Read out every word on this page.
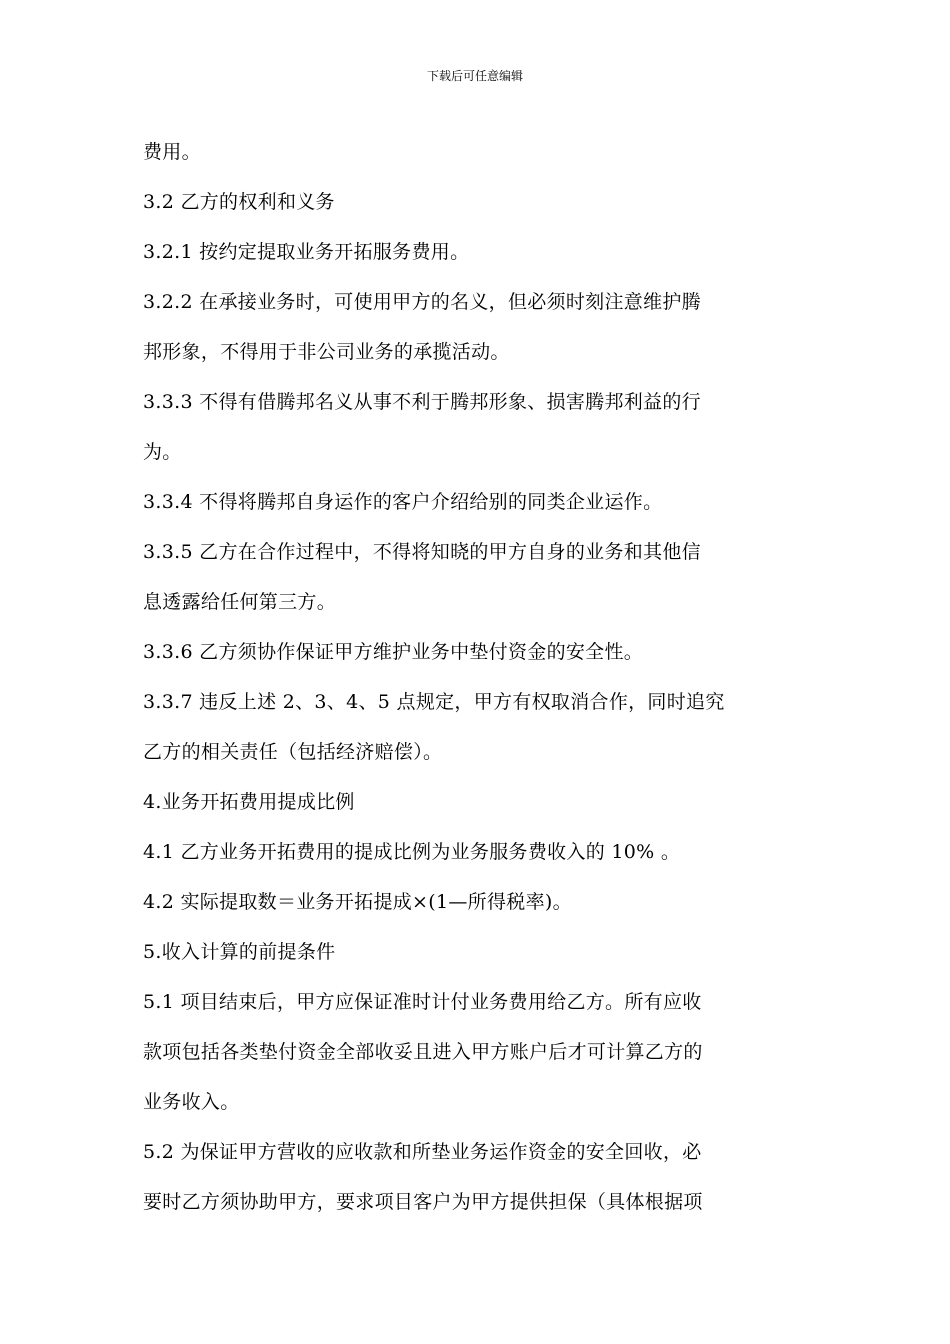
下载后可任意编辑
费用。
3.2 乙方的权利和义务
3.2.1 按约定提取业务开拓服务费用。
3.2.2 在承接业务时，可使用甲方的名义，但必须时刻注意维护腾
邦形象，不得用于非公司业务的承揽活动。
3.3.3 不得有借腾邦名义从事不利于腾邦形象、损害腾邦利益的行
为。
3.3.4 不得将腾邦自身运作的客户介绍给别的同类企业运作。
3.3.5 乙方在合作过程中，不得将知晓的甲方自身的业务和其他信
息透露给任何第三方。
3.3.6 乙方须协作保证甲方维护业务中垫付资金的安全性。
3.3.7 违反上述 2、3、4、5 点规定，甲方有权取消合作，同时追究
乙方的相关责任（包括经济赔偿）。
4.业务开拓费用提成比例
4.1 乙方业务开拓费用的提成比例为业务服务费收入的 10% 。
4.2 实际提取数＝业务开拓提成×(1—所得税率)。
5.收入计算的前提条件
5.1 项目结束后，甲方应保证准时计付业务费用给乙方。所有应收
款项包括各类垫付资金全部收妥且进入甲方账户后才可计算乙方的
业务收入。
5.2 为保证甲方营收的应收款和所垫业务运作资金的安全回收，必
要时乙方须协助甲方，要求项目客户为甲方提供担保（具体根据项
